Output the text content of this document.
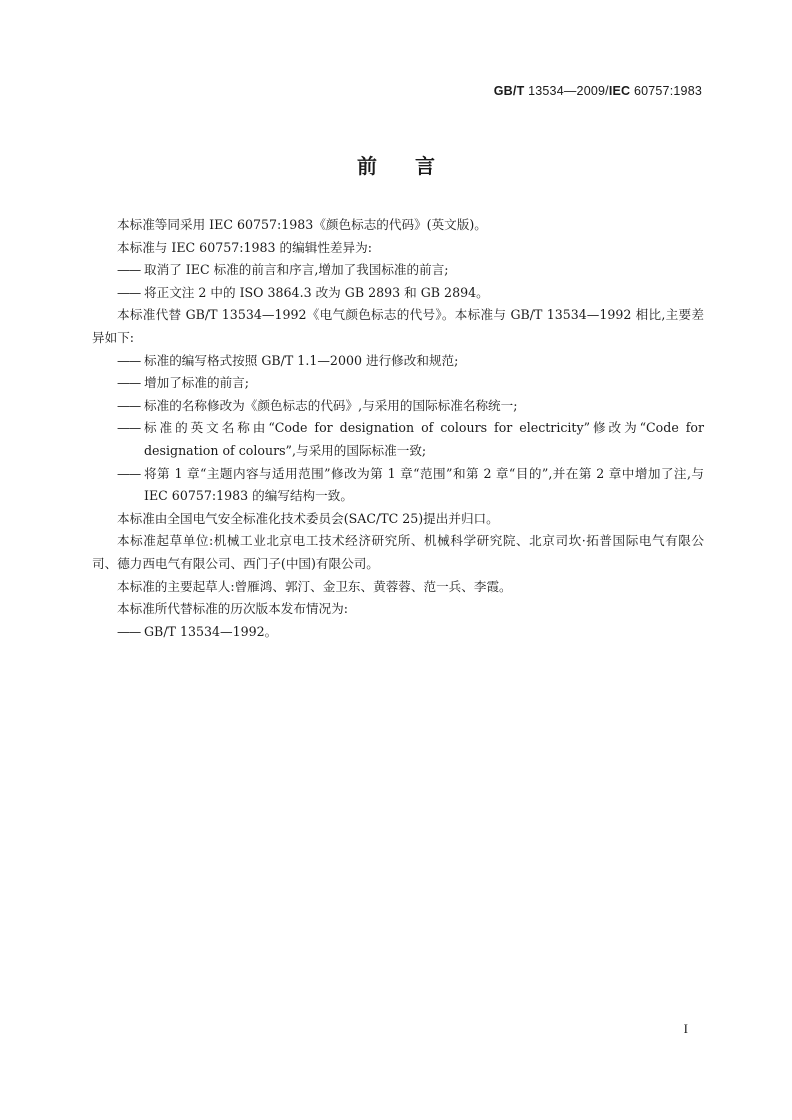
GB/T 13534—2009/IEC 60757:1983
前言

本标准等同采用 IEC 60757:1983《颜色标志的代码》(英文版)。

本标准与 IEC 60757:1983 的编辑性差异为:

—— 取消了 IEC 标准的前言和序言,增加了我国标准的前言;

—— 将正文注 2 中的 ISO 3864.3 改为 GB 2893 和 GB 2894。

本标准代替 GB/T 13534—1992《电气颜色标志的代号》。本标准与 GB/T 13534—1992 相比,主要差异如下:

—— 标准的编写格式按照 GB/T 1.1—2000 进行修改和规范;

—— 增加了标准的前言;

—— 标准的名称修改为《颜色标志的代码》,与采用的国际标准名称统一;

—— 标准的英文名称由“Code for designation of colours for electricity”修改为“Code for designation of colours”,与采用的国际标准一致;

—— 将第 1 章“主题内容与适用范围”修改为第 1 章“范围”和第 2 章“目的”,并在第 2 章中增加了注,与 IEC 60757:1983 的编写结构一致。

本标准由全国电气安全标准化技术委员会(SAC/TC 25)提出并归口。

本标准起草单位:机械工业北京电工技术经济研究所、机械科学研究院、北京司坎·拓普国际电气有限公司、德力西电气有限公司、西门子(中国)有限公司。

本标准的主要起草人:曾雁鸿、郭汀、金卫东、黄蓉蓉、范一兵、李霞。

本标准所代替标准的历次版本发布情况为:

—— GB/T 13534—1992。

I
